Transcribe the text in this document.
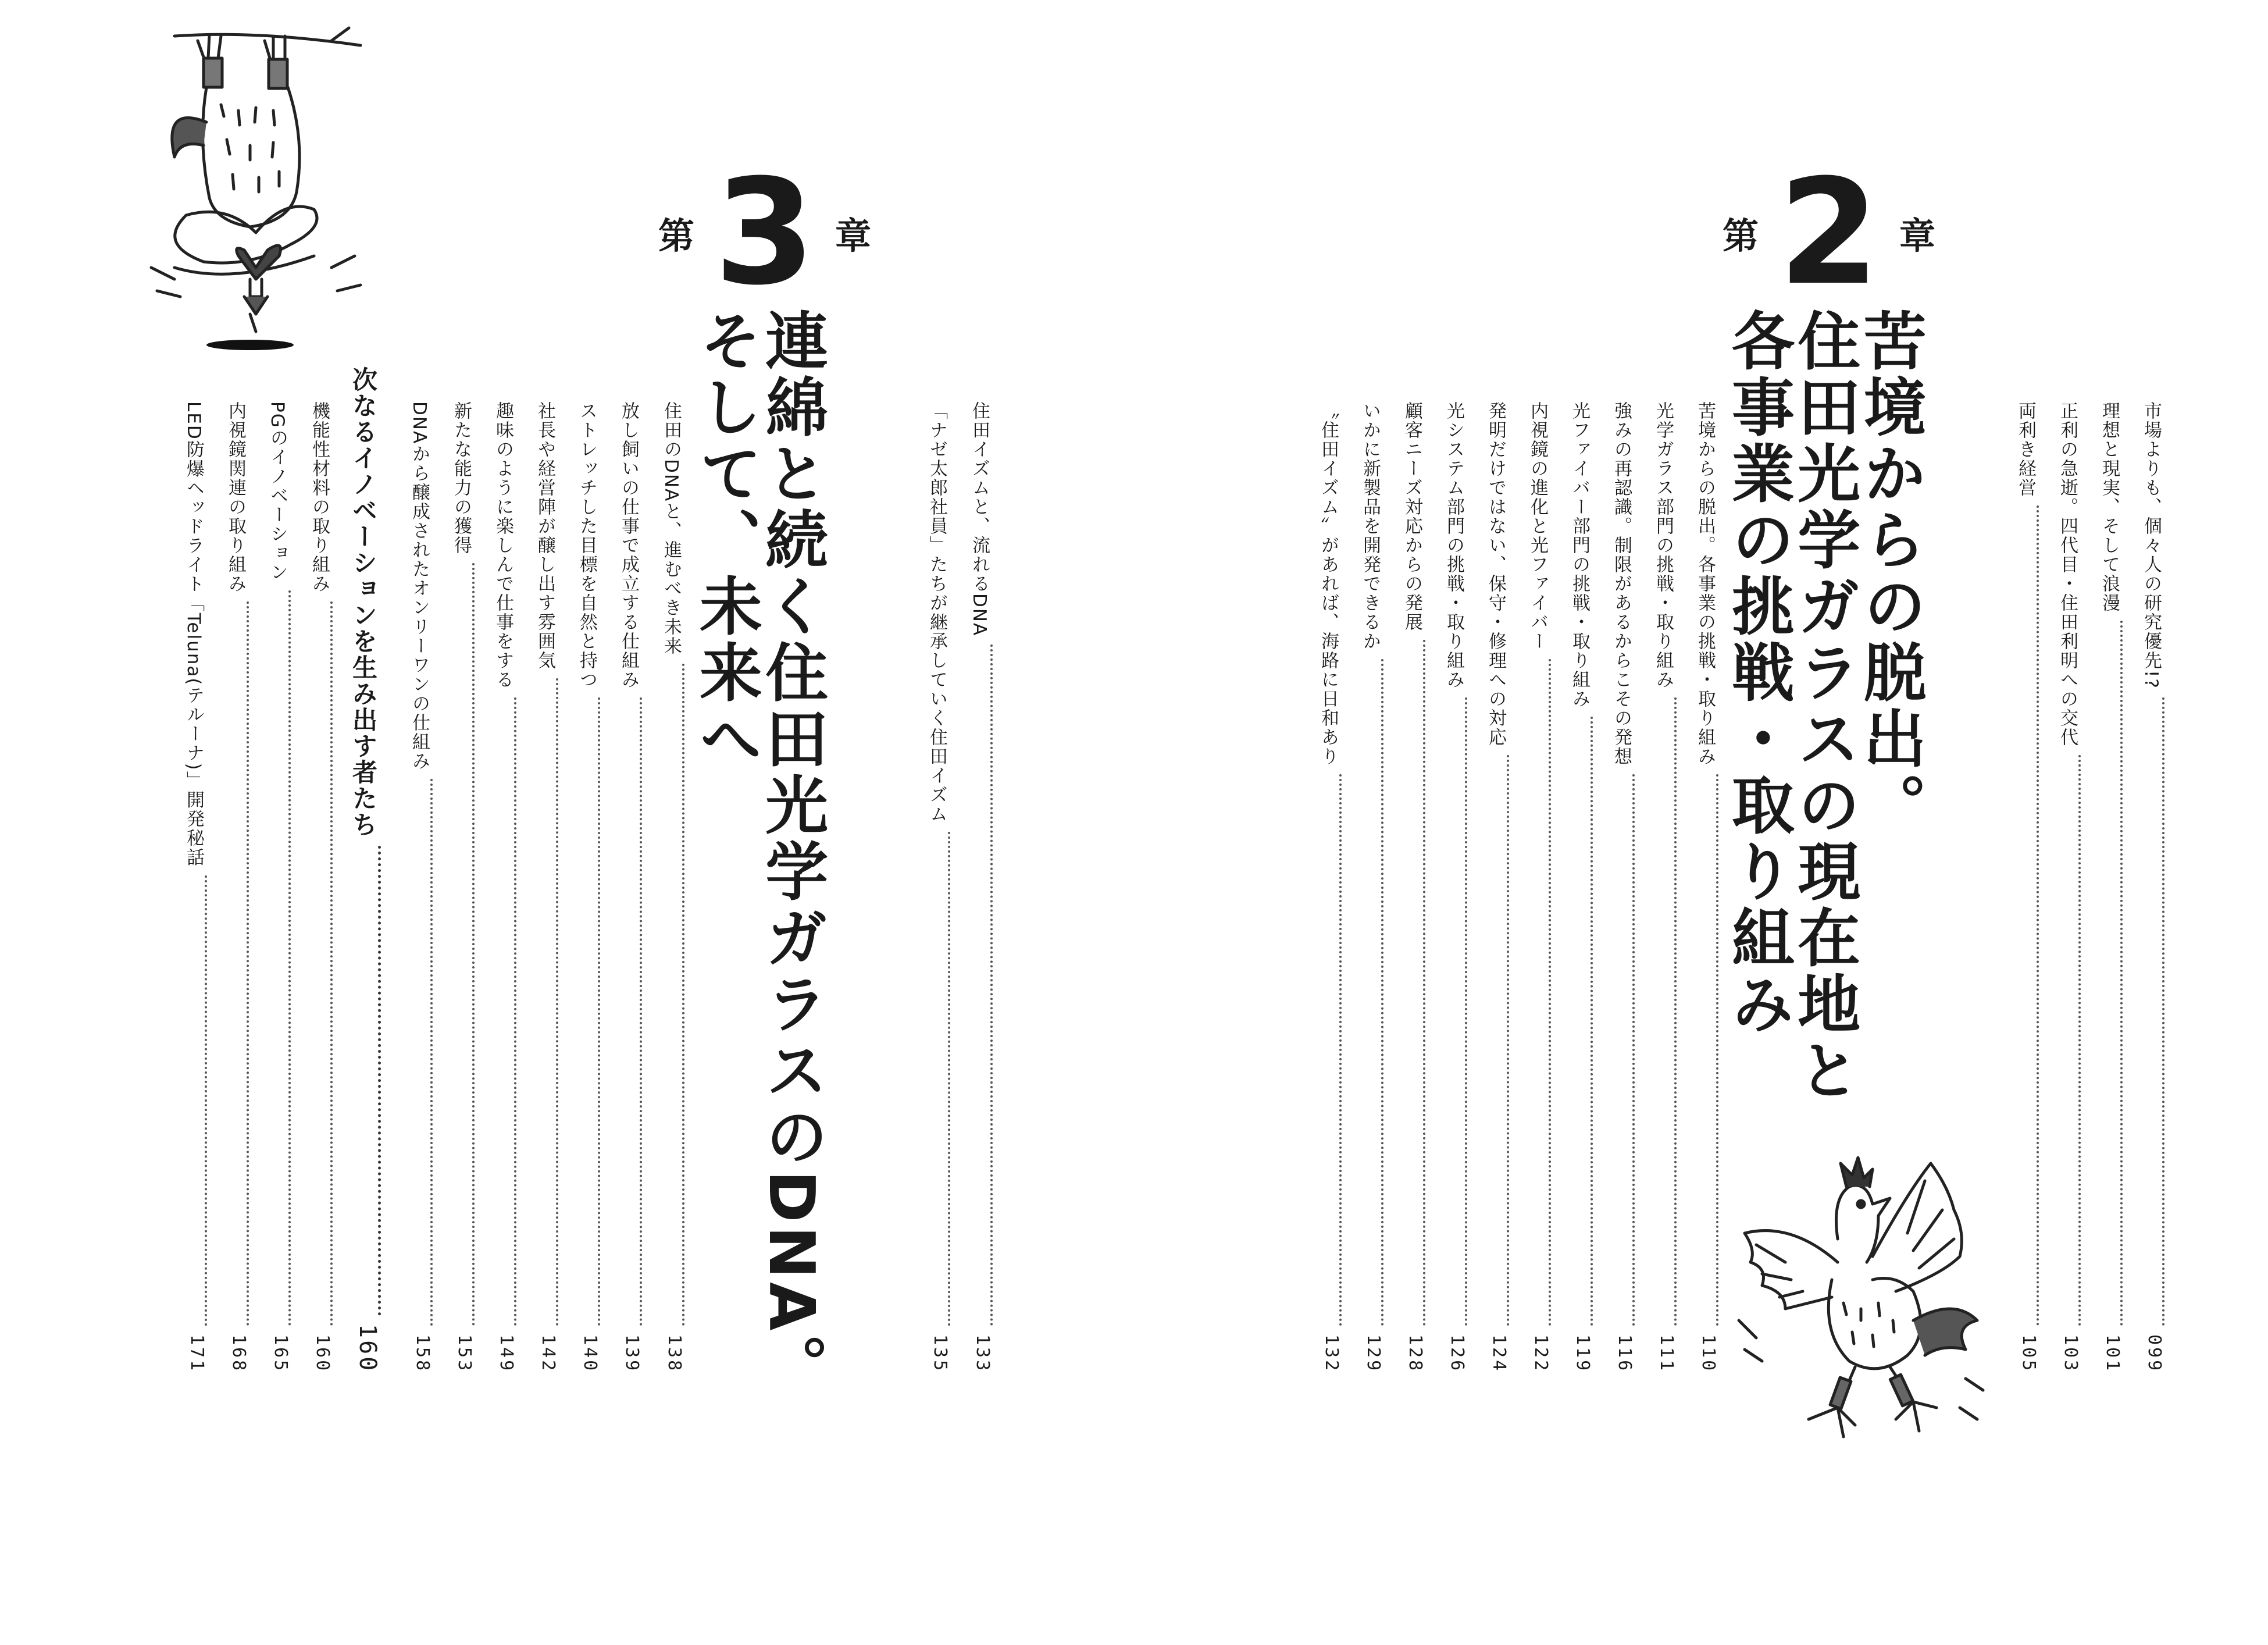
第 3 章
連綿と続く住田光学ガラスのDNA。
そして、未来へ	住田イズムと、流れるDNA
133
「ナゼ太郎社員」たちが継承していく住田イズム
135
住田のDNAと、進むべき未来
138
放し飼いの仕事で成立する仕組み
139
ストレッチした目標を自然と持つ
140
社長や経営陣が醸し出す雰囲気
142
趣味のように楽しんで仕事をする
149
新たな能力の獲得
153
DNAから醸成されたオンリーワンの仕組み
158
次なるイノベーションを生み出す者たち
160
機能性材料の取り組み
160
PGのイノベーション
165
内視鏡関連の取り組み
168
LED防爆ヘッドライト「Teluna(テルーナ)」開発秘話
171
第 2 章
苦境からの脱出。
住田光学ガラスの現在地と
各事業の挑戦・取り組み	市場よりも、個々人の研究優先!?
099
理想と現実、そして浪漫
101
正利の急逝。四代目・住田利明への交代
103
両利き経営
105
苦境からの脱出。各事業の挑戦・取り組み
110
光学ガラス部門の挑戦・取り組み
111
強みの再認識。制限があるからこその発想
116
光ファイバー部門の挑戦・取り組み
119
内視鏡の進化と光ファイバー
122
発明だけではない、保守・修理への対応
124
光システム部門の挑戦・取り組み
126
顧客ニーズ対応からの発展
128
いかに新製品を開発できるか
129
〝住田イズム〟があれば、海路に日和あり
132
